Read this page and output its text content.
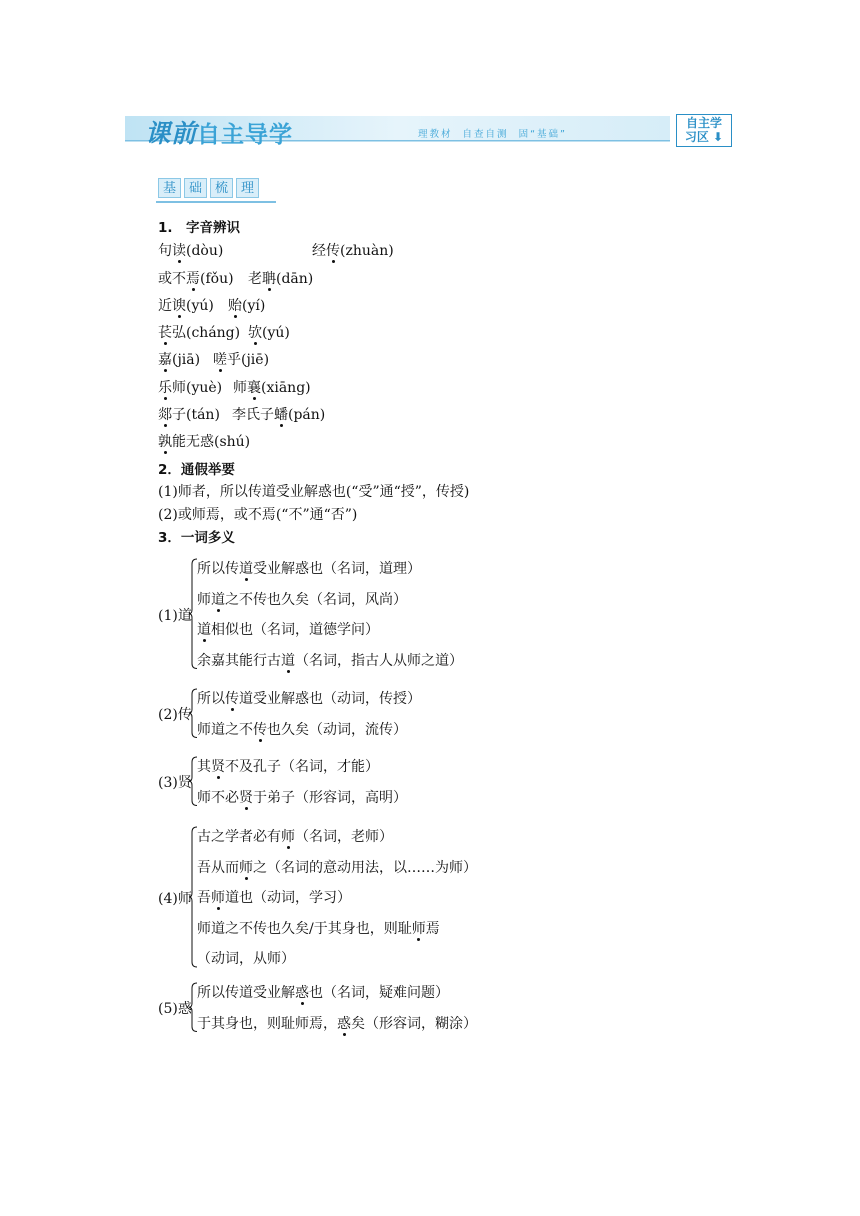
课前自主导学	理教材  自查自测  固“基础”
自主学
习区 ⬇
基	础	梳	理
1.　字音辨识
句读(dòu)	经传(zhuàn)
或不焉(fǒu) 老聃(dān)
近谀(yú) 贻(yí)
苌弘(cháng) 欤(yú)
嘉(jiā) 嗟乎(jiē)
乐师(yuè) 师襄(xiāng)
郯子(tán) 李氏子蟠(pán)
孰能无惑(shú)
2．通假举要
(1)师者，所以传道受业解惑也(“受”通“授”，传授)
(2)或师焉，或不焉(“不”通“否”)
3．一词多义
(1)道
所以传道受业解惑也（名词，道理）
师道之不传也久矣（名词，风尚）
道相似也（名词，道德学问）
余嘉其能行古道（名词，指古人从师之道）
(2)传
所以传道受业解惑也（动词，传授）
师道之不传也久矣（动词，流传）
(3)贤
其贤不及孔子（名词，才能）
师不必贤于弟子（形容词，高明）
(4)师
古之学者必有师（名词，老师）
吾从而师之（名词的意动用法，以……为师）
吾师道也（动词，学习）
师道之不传也久矣/于其身也，则耻师焉
（动词，从师）
(5)惑
所以传道受业解惑也（名词，疑难问题）
于其身也，则耻师焉，惑矣（形容词，糊涂）
